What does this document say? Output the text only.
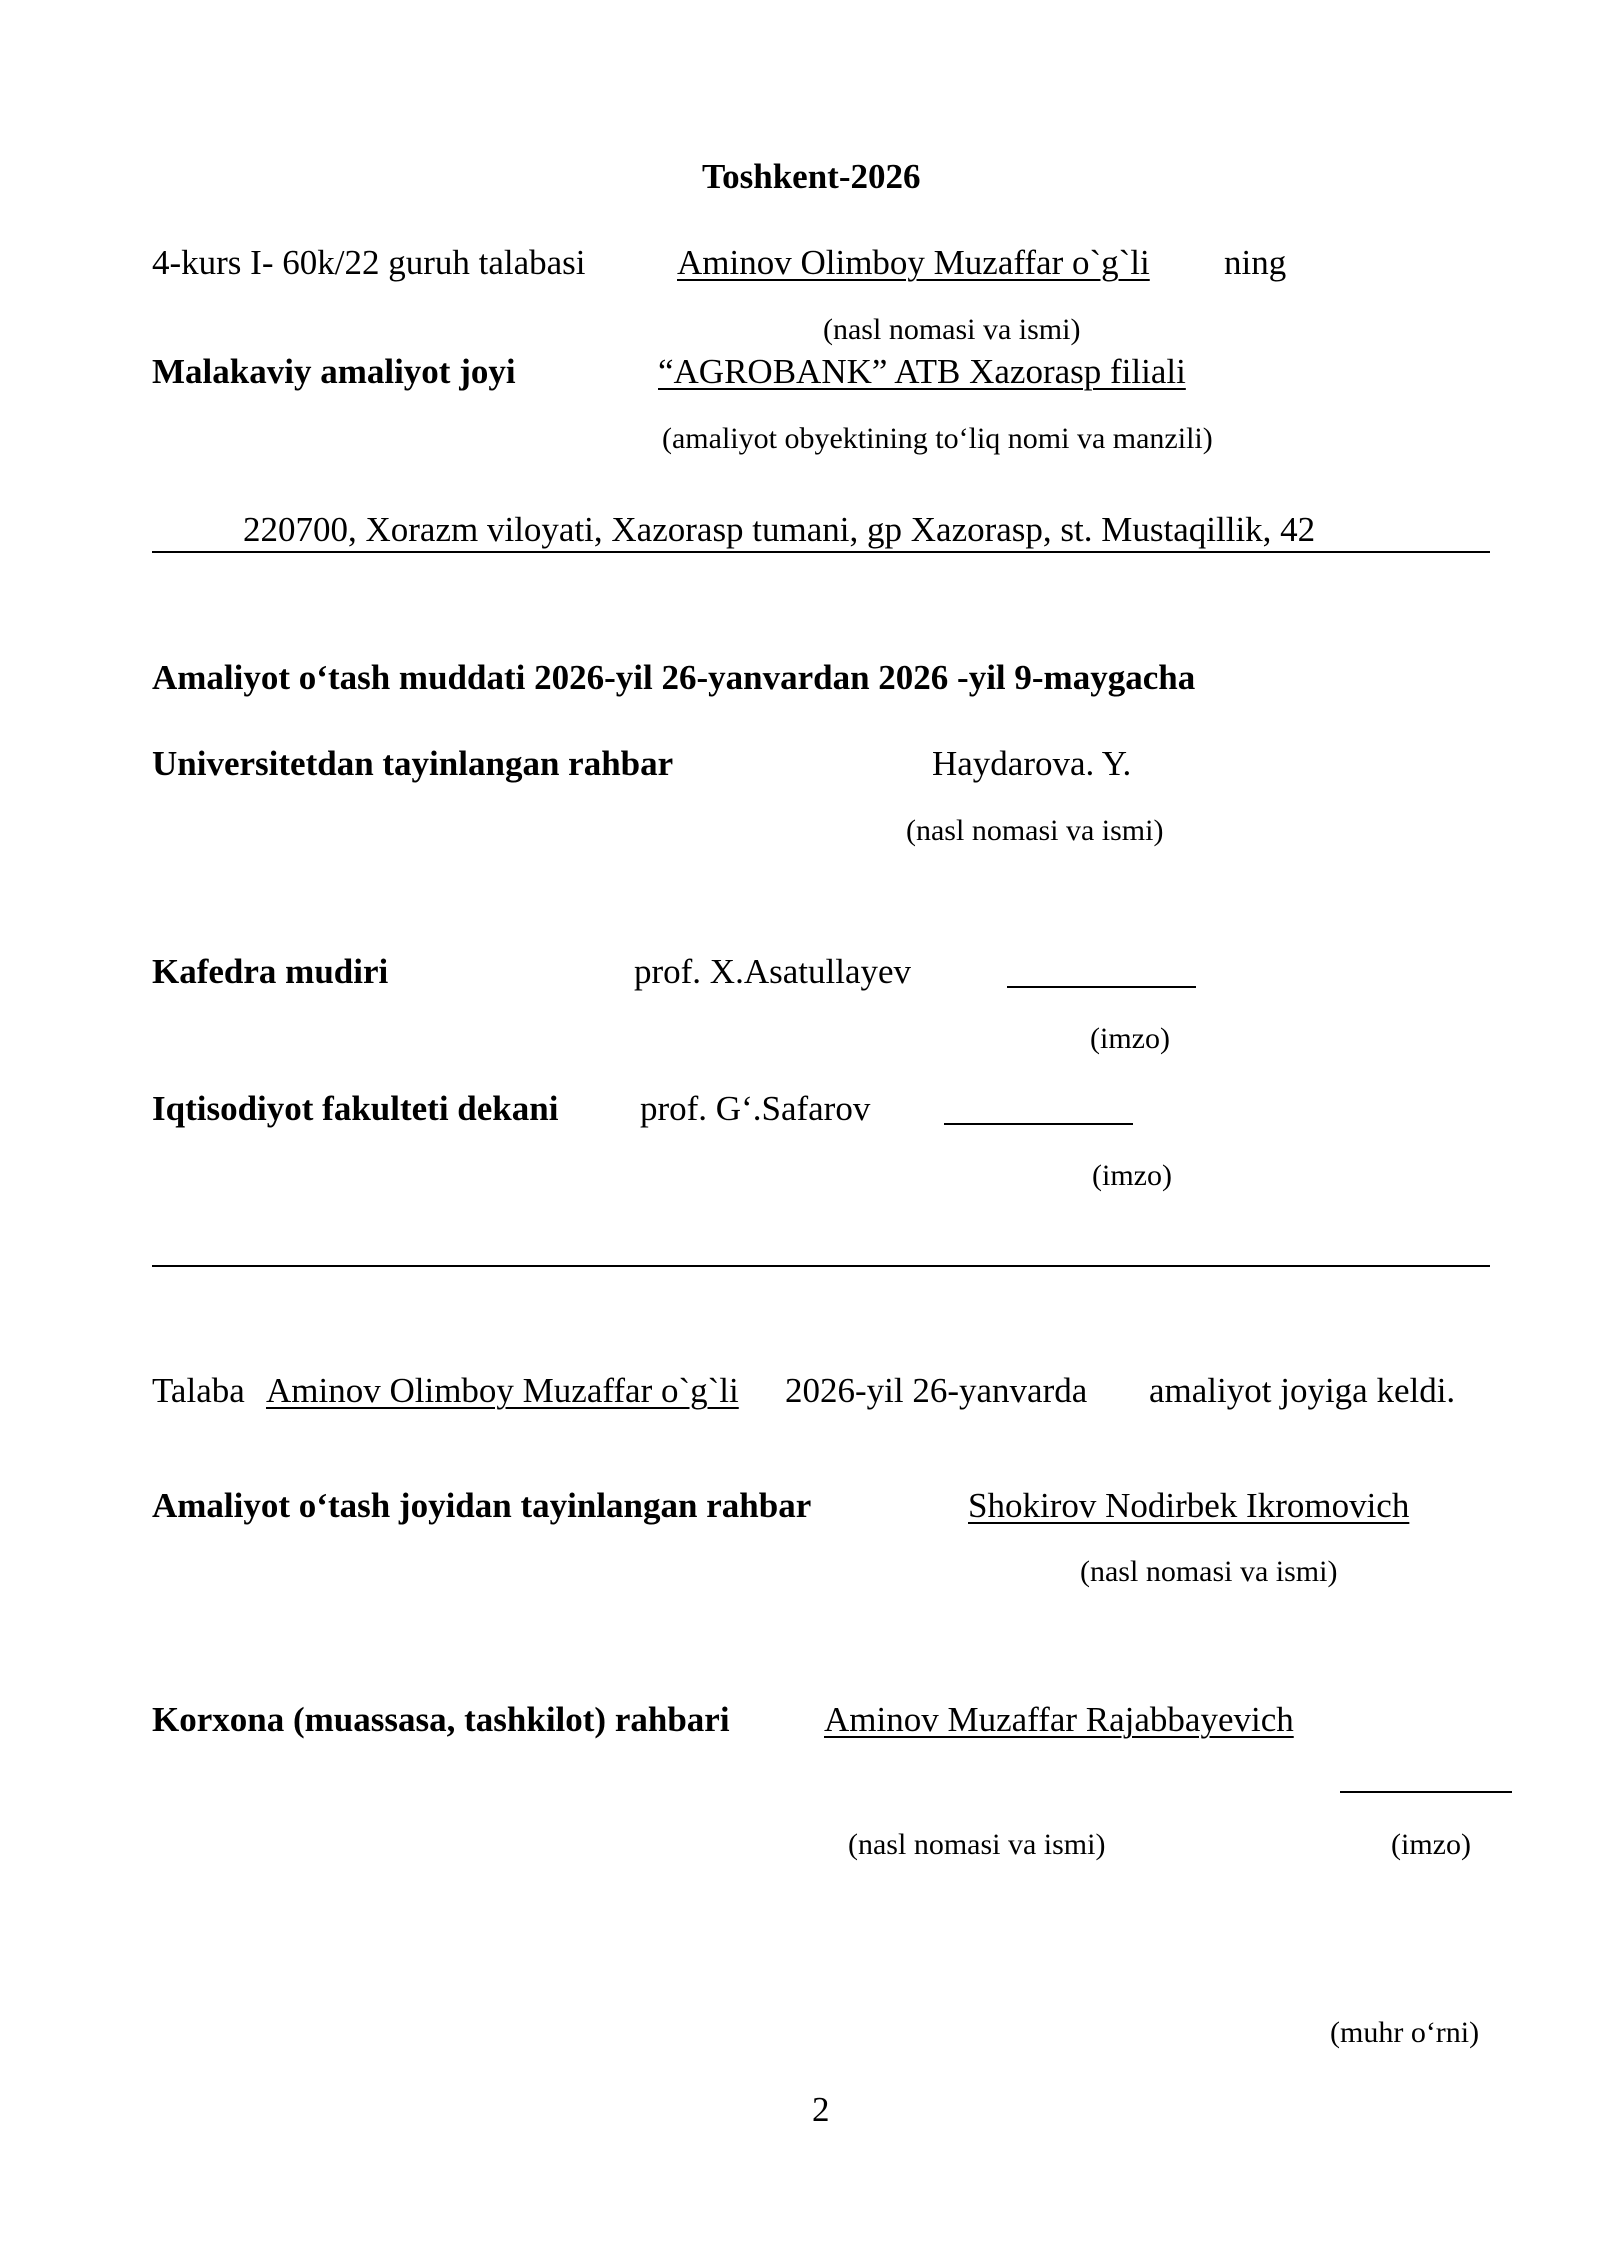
Toshkent-2026
4-kurs I- 60k/22 guruh talabasi	Aminov Olimboy Muzaffar o`g`li ning
(nasl nomasi va ismi)
Malakaviy amaliyot joyi	“AGROBANK” ATB Xazorasp filiali
(amaliyot obyektining to‘liq nomi va manzili)
220700, Xorazm viloyati, Xazorasp tumani, gp Xazorasp, st. Mustaqillik, 42
Amaliyot o‘tash muddati 2026-yil 26-yanvardan 2026 -yil 9-maygacha
Universitetdan tayinlangan rahbar	Haydarova. Y.
(nasl nomasi va ismi)
Kafedra mudiri	prof. X.Asatullayev
(imzo)
Iqtisodiyot fakulteti dekani prof. G‘.Safarov
(imzo)
Talaba Aminov Olimboy Muzaffar o`g`li 2026-yil 26-yanvarda amaliyot joyiga keldi.
Amaliyot o‘tash joyidan tayinlangan rahbar	Shokirov Nodirbek Ikromovich
(nasl nomasi va ismi)
Korxona (muassasa, tashkilot) rahbari	Aminov Muzaffar Rajabbayevich
(nasl nomasi va ismi)	(imzo)
(muhr o‘rni)
2
